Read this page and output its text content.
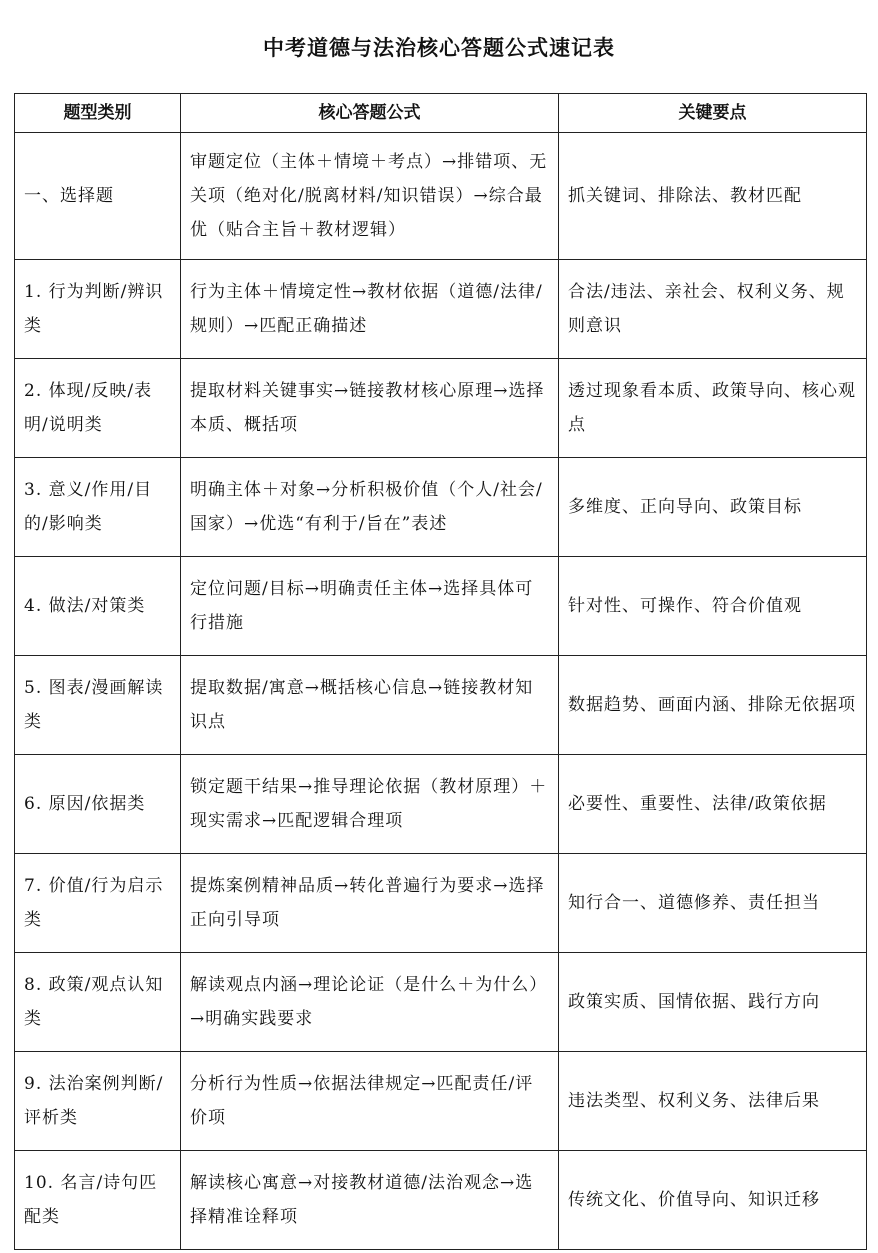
中考道德与法治核心答题公式速记表
题型类别	核心答题公式	关键要点
一、选择题	审题定位（主体＋情境＋考点）→排错项、无关项（绝对化/脱离材料/知识错误）→综合最优（贴合主旨＋教材逻辑）	抓关键词、排除法、教材匹配
1. 行为判断/辨识类	行为主体＋情境定性→教材依据（道德/法律/规则）→匹配正确描述	合法/违法、亲社会、权利义务、规则意识
2. 体现/反映/表明/说明类	提取材料关键事实→链接教材核心原理→选择本质、概括项	透过现象看本质、政策导向、核心观点
3. 意义/作用/目的/影响类	明确主体＋对象→分析积极价值（个人/社会/国家）→优选“有利于/旨在”表述	多维度、正向导向、政策目标
4. 做法/对策类	定位问题/目标→明确责任主体→选择具体可行措施	针对性、可操作、符合价值观
5. 图表/漫画解读类	提取数据/寓意→概括核心信息→链接教材知识点	数据趋势、画面内涵、排除无依据项
6. 原因/依据类	锁定题干结果→推导理论依据（教材原理）＋现实需求→匹配逻辑合理项	必要性、重要性、法律/政策依据
7. 价值/行为启示类	提炼案例精神品质→转化普遍行为要求→选择正向引导项	知行合一、道德修养、责任担当
8. 政策/观点认知类	解读观点内涵→理论论证（是什么＋为什么）→明确实践要求	政策实质、国情依据、践行方向
9. 法治案例判断/评析类	分析行为性质→依据法律规定→匹配责任/评价项	违法类型、权利义务、法律后果
10. 名言/诗句匹配类	解读核心寓意→对接教材道德/法治观念→选择精准诠释项	传统文化、价值导向、知识迁移
